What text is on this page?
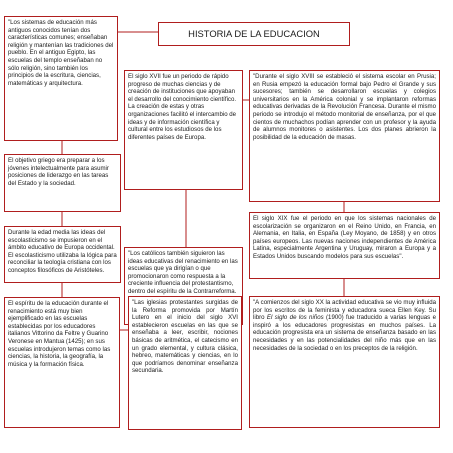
HISTORIA DE LA EDUCACION
"Los sistemas de educación más antiguos conocidos tenían dos características comunes; enseñaban religión y mantenían las tradiciones del pueblo. En el antiguo Egipto, las escuelas del templo enseñaban no sólo religión, sino también los principios de la escritura, ciencias, matemáticas y arquitectura.
El objetivo griego era preparar a los jóvenes intelectualmente para asumir posiciones de liderazgo en las tareas del Estado y la sociedad.
Durante la edad media las ideas del escolasticismo se impusieron en el ámbito educativo de Europa occidental. El escolasticismo utilizaba la lógica para reconciliar la teología cristiana con los conceptos filosóficos de Aristóteles.
El espíritu de la educación durante el renacimiento está muy bien ejemplificado en las escuelas establecidas por los educadores italianos Vittorino da Feltre y Guarino Veronese en Mantua (1425); en sus escuelas introdujeron temas como las ciencias, la historia, la geografía, la música y la formación física.
El siglo XVII fue un periodo de rápido progreso de muchas ciencias y de creación de instituciones que apoyaban el desarrollo del conocimiento científico. La creación de estas y otras organizaciones facilitó el intercambio de ideas y de información científica y cultural entre los estudiosos de los diferentes países de Europa.
"Los católicos también siguieron las ideas educativas del renacimiento en las escuelas que ya dirigían o que promocionaron como respuesta a la creciente influencia del protestantismo, dentro del espíritu de la Contrarreforma.
"Las iglesias protestantes surgidas de la Reforma promovida por Martín Lutero en el inicio del siglo XVI establecieron escuelas en las que se enseñaba a leer, escribir, nociones básicas de aritmética, el catecismo en un grado elemental, y cultura clásica, hebreo, matemáticas y ciencias, en lo que podríamos denominar enseñanza secundaria.
"Durante el siglo XVIII se estableció el sistema escolar en Prusia; en Rusia empezó la educación formal bajo Pedro el Grande y sus sucesores; también se desarrollaron escuelas y colegios universitarios en la América colonial y se implantaron reformas educativas derivadas de la Revolución Francesa. Durante el mismo periodo se introdujo el método monitorial de enseñanza, por el que cientos de muchachos podían aprender con un profesor y la ayuda de alumnos monitores o asistentes. Los dos planes abrieron la posibilidad de la educación de masas.
El siglo XIX fue el periodo en que los sistemas nacionales de escolarización se organizaron en el Reino Unido, en Francia, en Alemania, en Italia, en España (Ley Moyano, de 1858) y en otros países europeos. Las nuevas naciones independientes de América Latina, especialmente Argentina y Uruguay, miraron a Europa y a Estados Unidos buscando modelos para sus escuelas".
"A comienzos del siglo XX la actividad educativa se vio muy influida por los escritos de la feminista y educadora sueca Ellen Key. Su libro El siglo de los niños (1900) fue traducido a varias lenguas e inspiró a los educadores progresistas en muchos países. La educación progresista era un sistema de enseñanza basado en las necesidades y en las potencialidades del niño más que en las necesidades de la sociedad o en los preceptos de la religión.
